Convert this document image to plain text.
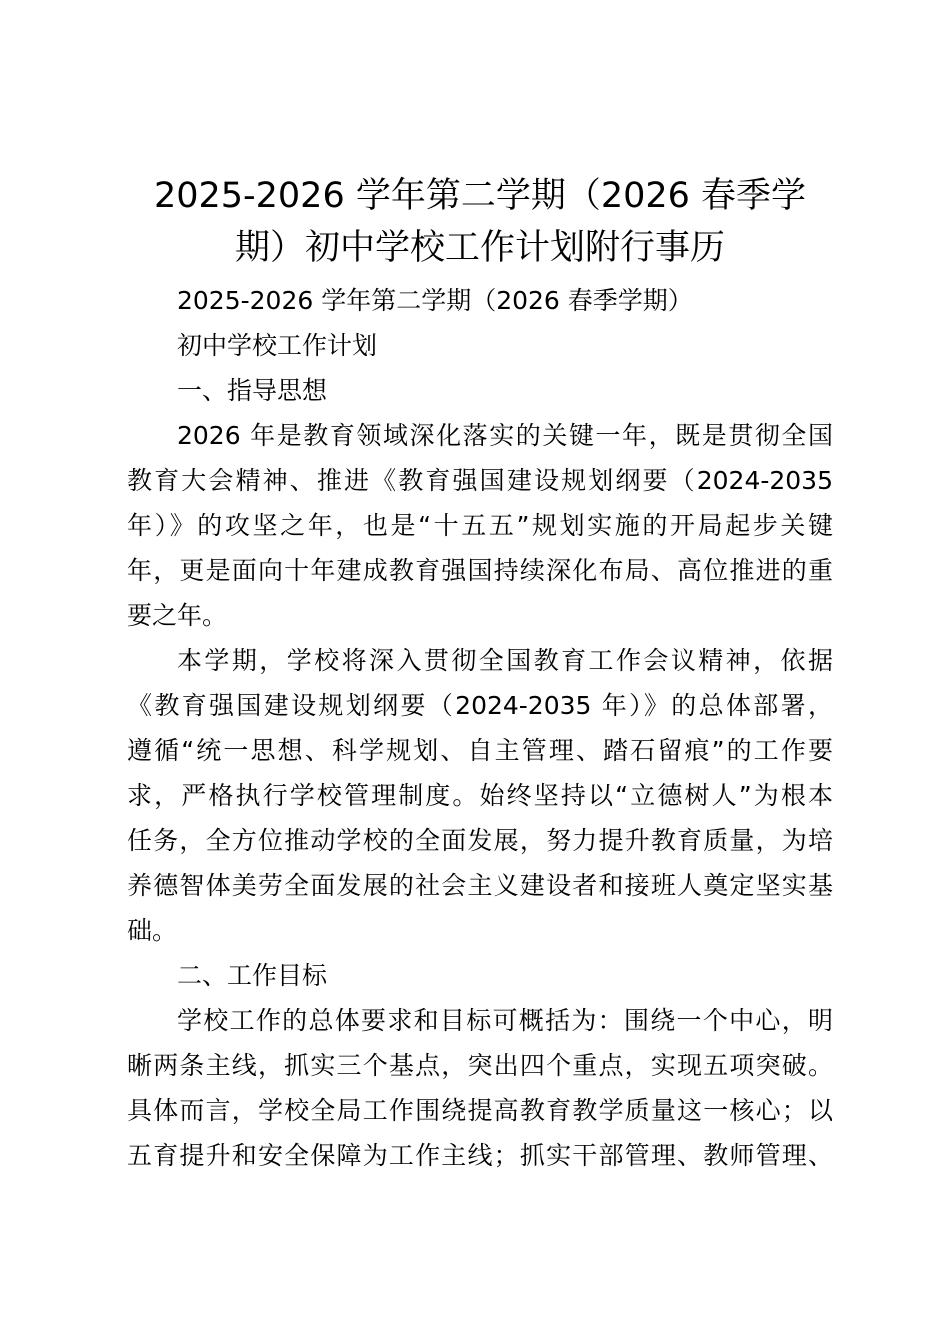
2025-2026 学年第二学期（2026 春季学
期）初中学校工作计划附行事历
2025-2026 学年第二学期（2026 春季学期）
初中学校工作计划
一、指导思想
2026 年是教育领域深化落实的关键一年，既是贯彻全国
教育大会精神、推进《教育强国建设规划纲要（2024-2035
年）》的攻坚之年，也是“十五五”规划实施的开局起步关键
年，更是面向十年建成教育强国持续深化布局、高位推进的重
要之年。
本学期，学校将深入贯彻全国教育工作会议精神，依据
《教育强国建设规划纲要（2024-2035 年）》的总体部署，
遵循“统一思想、科学规划、自主管理、踏石留痕”的工作要
求，严格执行学校管理制度。始终坚持以“立德树人”为根本
任务，全方位推动学校的全面发展，努力提升教育质量，为培
养德智体美劳全面发展的社会主义建设者和接班人奠定坚实基
础。
二、工作目标
学校工作的总体要求和目标可概括为：围绕一个中心，明
晰两条主线，抓实三个基点，突出四个重点，实现五项突破。
具体而言，学校全局工作围绕提高教育教学质量这一核心；以
五育提升和安全保障为工作主线；抓实干部管理、教师管理、
